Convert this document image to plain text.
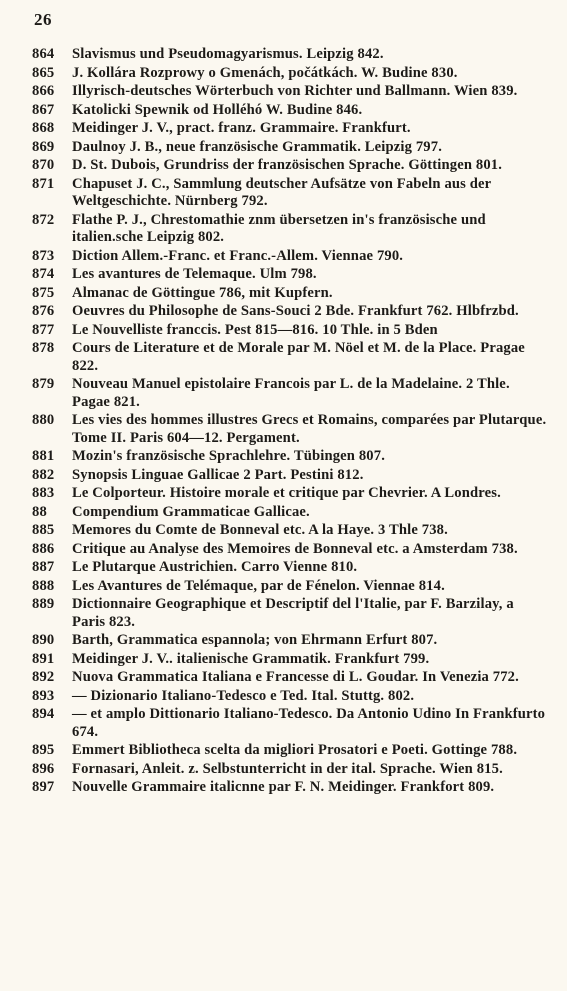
26
864	Slavismus und Pseudomagyarismus. Leipzig 842.
865	J. Kollára Rozprowy o Gmenách, počátkách. W. Budine 830.
866	Illyrisch-deutsches Wörterbuch von Richter und Ballmann. Wien 839.
867	Katolicki Spewnik od Holléhó W. Budine 846.
868	Meidinger J. V., pract. franz. Grammaire. Frankfurt.
869	Daulnoy J. B., neue französische Grammatik. Leipzig 797.
870	D. St. Dubois, Grundriss der französischen Sprache. Göttingen 801.
871	Chapuset J. C., Sammlung deutscher Aufsätze von Fabeln aus der Weltgeschichte. Nürnberg 792.
872	Flathe P. J., Chrestomathie znm übersetzen in's französische und italien.sche Leipzig 802.
873	Diction Allem.-Franc. et Franc.-Allem. Viennae 790.
874	Les avantures de Telemaque. Ulm 798.
875	Almanac de Göttingue 786, mit Kupfern.
876	Oeuvres du Philosophe de Sans-Souci 2 Bde. Frankfurt 762. Hlbfrzbd.
877	Le Nouvelliste franccis. Pest 815—816. 10 Thle. in 5 Bden
878	Cours de Literature et de Morale par M. Nöel et M. de la Place. Pragae 822.
879	Nouveau Manuel epistolaire Francois par L. de la Madelaine. 2 Thle. Pagae 821.
880	Les vies des hommes illustres Grecs et Romains, comparées par Plutarque. Tome II. Paris 604—12. Pergament.
881	Mozin's französische Sprachlehre. Tübingen 807.
882	Synopsis Linguae Gallicae 2 Part. Pestini 812.
883	Le Colporteur. Histoire morale et critique par Chevrier. A Londres.
88	Compendium Grammaticae Gallicae.
885	Memores du Comte de Bonneval etc. A la Haye. 3 Thle 738.
886	Critique au Analyse des Memoires de Bonneval etc. a Amsterdam 738.
887	Le Plutarque Austrichien. Carro Vienne 810.
888	Les Avantures de Telémaque, par de Fénelon. Viennae 814.
889	Dictionnaire Geographique et Descriptif del l'Italie, par F. Barzilay, a Paris 823.
890	Barth, Grammatica espannola; von Ehrmann Erfurt 807.
891	Meidinger J. V.. italienische Grammatik. Frankfurt 799.
892	Nuova Grammatica Italiana e Francesse di L. Goudar. In Venezia 772.
893	— Dizionario Italiano-Tedesco e Ted. Ital. Stuttg. 802.
894	— et amplo Dittionario Italiano-Tedesco. Da Antonio Udino In Frankfurto 674.
895	Emmert Bibliotheca scelta da migliori Prosatori e Poeti. Gottinge 788.
896	Fornasari, Anleit. z. Selbstunterricht in der ital. Sprache. Wien 815.
897	Nouvelle Grammaire italicnne par F. N. Meidinger. Frankfort 809.
